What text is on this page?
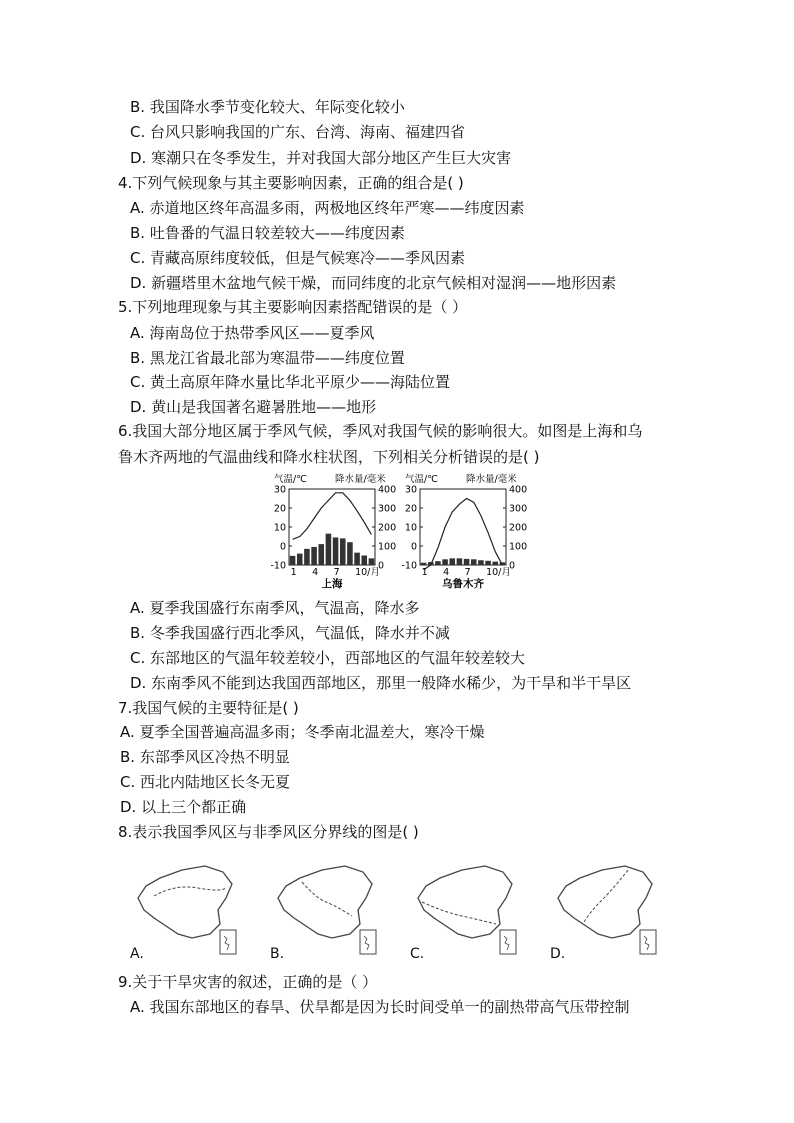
B. 我国降水季节变化较大、年际变化较小
C. 台风只影响我国的广东、台湾、海南、福建四省
D. 寒潮只在冬季发生，并对我国大部分地区产生巨大灾害
4.下列气候现象与其主要影响因素，正确的组合是( )
A. 赤道地区终年高温多雨，两极地区终年严寒——纬度因素
B. 吐鲁番的气温日较差较大——纬度因素
C. 青藏高原纬度较低，但是气候寒冷——季风因素
D. 新疆塔里木盆地气候干燥，而同纬度的北京气候相对湿润——地形因素
5.下列地理现象与其主要影响因素搭配错误的是（ ）
A. 海南岛位于热带季风区——夏季风
B. 黑龙江省最北部为寒温带——纬度位置
C. 黄土高原年降水量比华北平原少——海陆位置
D. 黄山是我国著名避暑胜地——地形
6.我国大部分地区属于季风气候，季风对我国气候的影响很大。如图是上海和乌
鲁木齐两地的气温曲线和降水柱状图，下列相关分析错误的是( )
气温/℃	降水量/毫米
30
20
10
0
-10
400
300
200
100
0
1 4 7 10/月
上海
气温/℃	降水量/毫米
30
20
10
0
-10
400
300
200
100
0
1 4 7 10/月
乌鲁木齐
A. 夏季我国盛行东南季风，气温高，降水多
B. 冬季我国盛行西北季风，气温低，降水并不减
C. 东部地区的气温年较差较小，西部地区的气温年较差较大
D. 东南季风不能到达我国西部地区，那里一般降水稀少，为干旱和半干旱区
7.我国气候的主要特征是( )
A. 夏季全国普遍高温多雨；冬季南北温差大，寒冷干燥
B. 东部季风区冷热不明显
C. 西北内陆地区长冬无夏
D. 以上三个都正确
8.表示我国季风区与非季风区分界线的图是( )
A.	B.	C.	D.
9.关于干旱灾害的叙述，正确的是（ ）
A. 我国东部地区的春旱、伏旱都是因为长时间受单一的副热带高气压带控制
